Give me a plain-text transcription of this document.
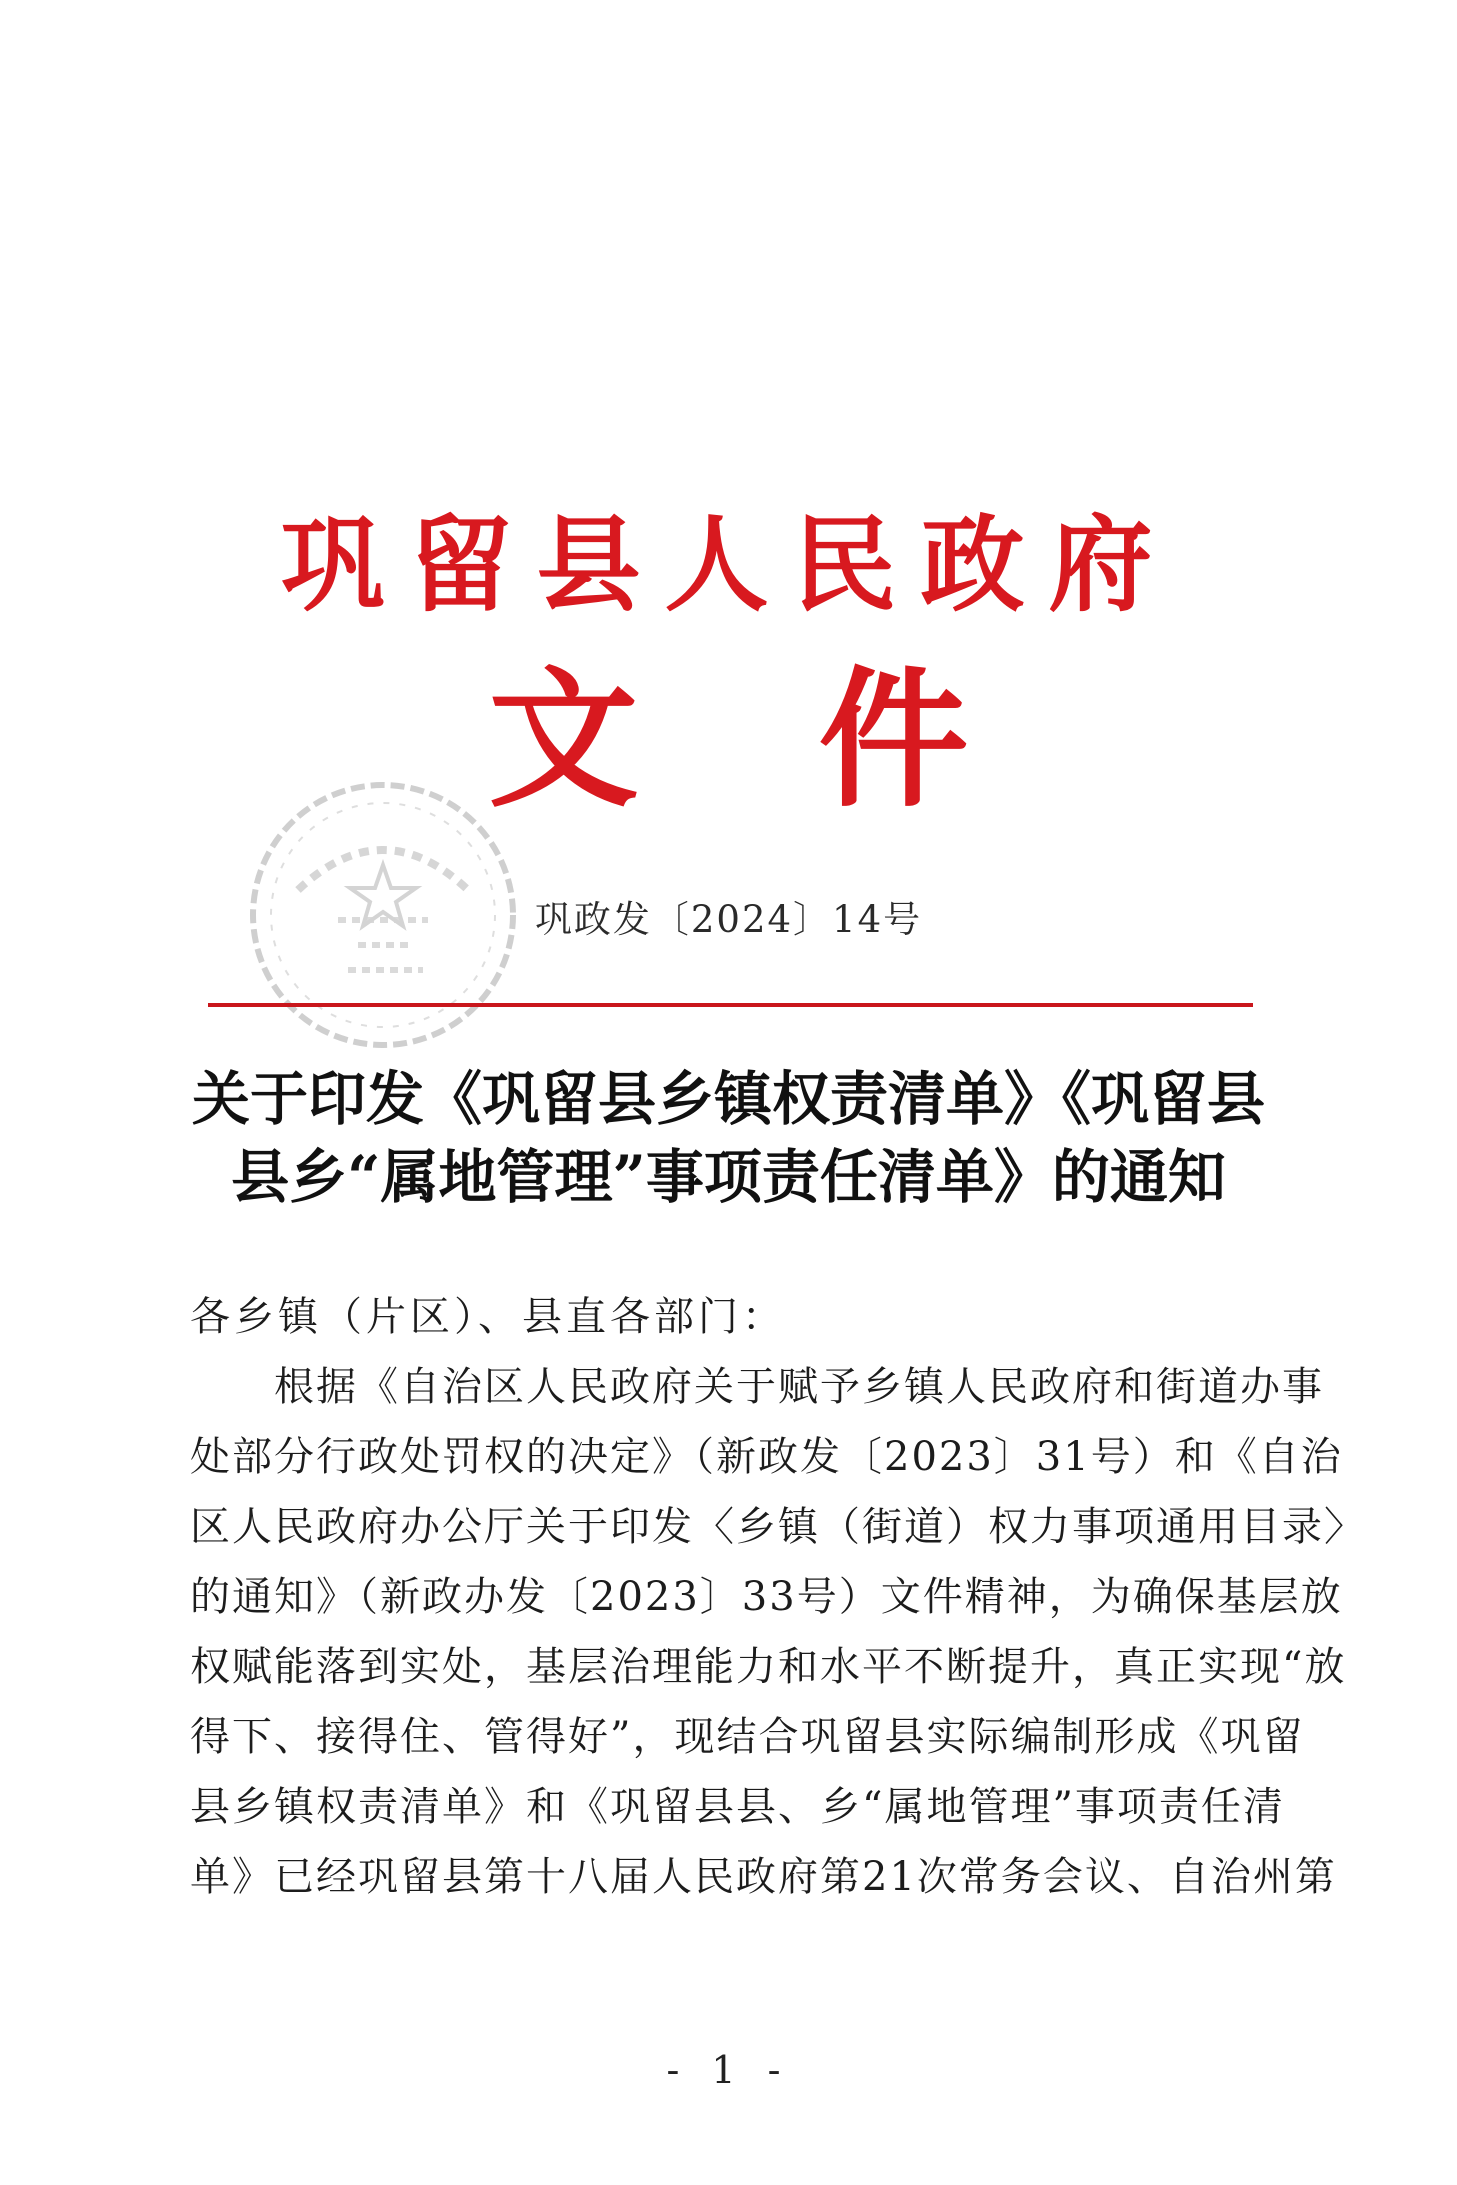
巩留县人民政府
文件
巩政发〔2024〕14号
关于印发《巩留县乡镇权责清单》《巩留县
县乡“属地管理”事项责任清单》的通知
各乡镇（片区）、县直各部门：
　　根据《自治区人民政府关于赋予乡镇人民政府和街道办事
处部分行政处罚权的决定》（新政发〔2023〕31号）和《自治
区人民政府办公厅关于印发〈乡镇（街道）权力事项通用目录〉
的通知》（新政办发〔2023〕33号）文件精神，为确保基层放
权赋能落到实处，基层治理能力和水平不断提升，真正实现“放
得下、接得住、管得好”，现结合巩留县实际编制形成《巩留
县乡镇权责清单》和《巩留县县、乡“属地管理”事项责任清
单》已经巩留县第十八届人民政府第21次常务会议、自治州第
- 1 -
